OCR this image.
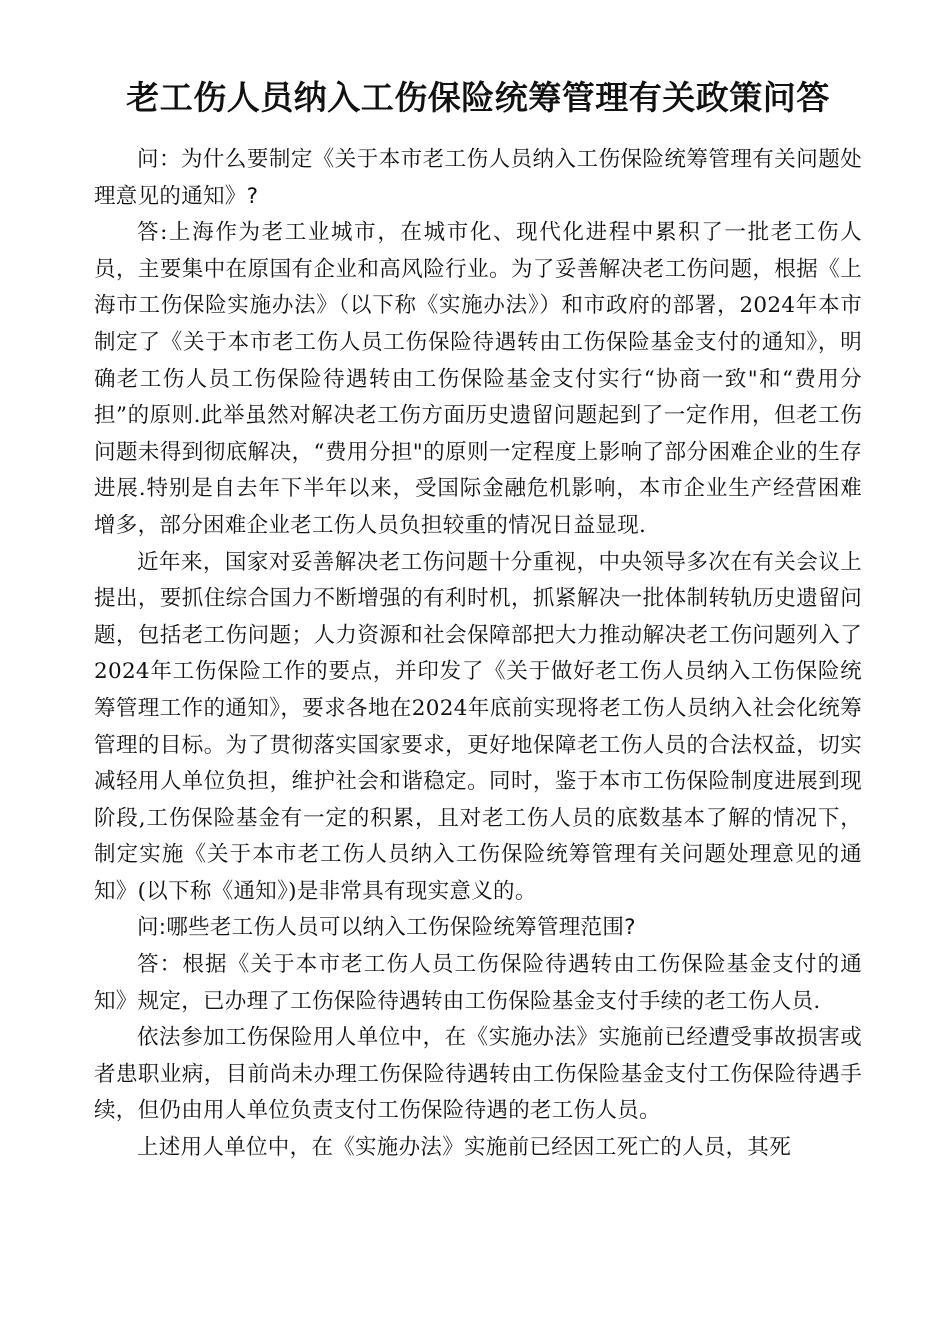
老工伤人员纳入工伤保险统筹管理有关政策问答

问：为什么要制定《关于本市老工伤人员纳入工伤保险统筹管理有关问题处理意见的通知》?

答:上海作为老工业城市，在城市化、现代化进程中累积了一批老工伤人员，主要集中在原国有企业和高风险行业。为了妥善解决老工伤问题，根据《上海市工伤保险实施办法》（以下称《实施办法》）和市政府的部署，2024年本市制定了《关于本市老工伤人员工伤保险待遇转由工伤保险基金支付的通知》，明确老工伤人员工伤保险待遇转由工伤保险基金支付实行“协商一致"和“费用分担”的原则.此举虽然对解决老工伤方面历史遗留问题起到了一定作用，但老工伤问题未得到彻底解决，“费用分担"的原则一定程度上影响了部分困难企业的生存进展.特别是自去年下半年以来，受国际金融危机影响，本市企业生产经营困难增多，部分困难企业老工伤人员负担较重的情况日益显现.

近年来，国家对妥善解决老工伤问题十分重视，中央领导多次在有关会议上提出，要抓住综合国力不断增强的有利时机，抓紧解决一批体制转轨历史遗留问题，包括老工伤问题；人力资源和社会保障部把大力推动解决老工伤问题列入了2024年工伤保险工作的要点，并印发了《关于做好老工伤人员纳入工伤保险统筹管理工作的通知》，要求各地在2024年底前实现将老工伤人员纳入社会化统筹管理的目标。为了贯彻落实国家要求，更好地保障老工伤人员的合法权益，切实减轻用人单位负担，维护社会和谐稳定。同时，鉴于本市工伤保险制度进展到现阶段,工伤保险基金有一定的积累，且对老工伤人员的底数基本了解的情况下，制定实施《关于本市老工伤人员纳入工伤保险统筹管理有关问题处理意见的通知》(以下称《通知》)是非常具有现实意义的。

问:哪些老工伤人员可以纳入工伤保险统筹管理范围?

答：根据《关于本市老工伤人员工伤保险待遇转由工伤保险基金支付的通知》规定，已办理了工伤保险待遇转由工伤保险基金支付手续的老工伤人员.

依法参加工伤保险用人单位中，在《实施办法》实施前已经遭受事故损害或者患职业病，目前尚未办理工伤保险待遇转由工伤保险基金支付工伤保险待遇手续，但仍由用人单位负责支付工伤保险待遇的老工伤人员。

上述用人单位中，在《实施办法》实施前已经因工死亡的人员，其死
